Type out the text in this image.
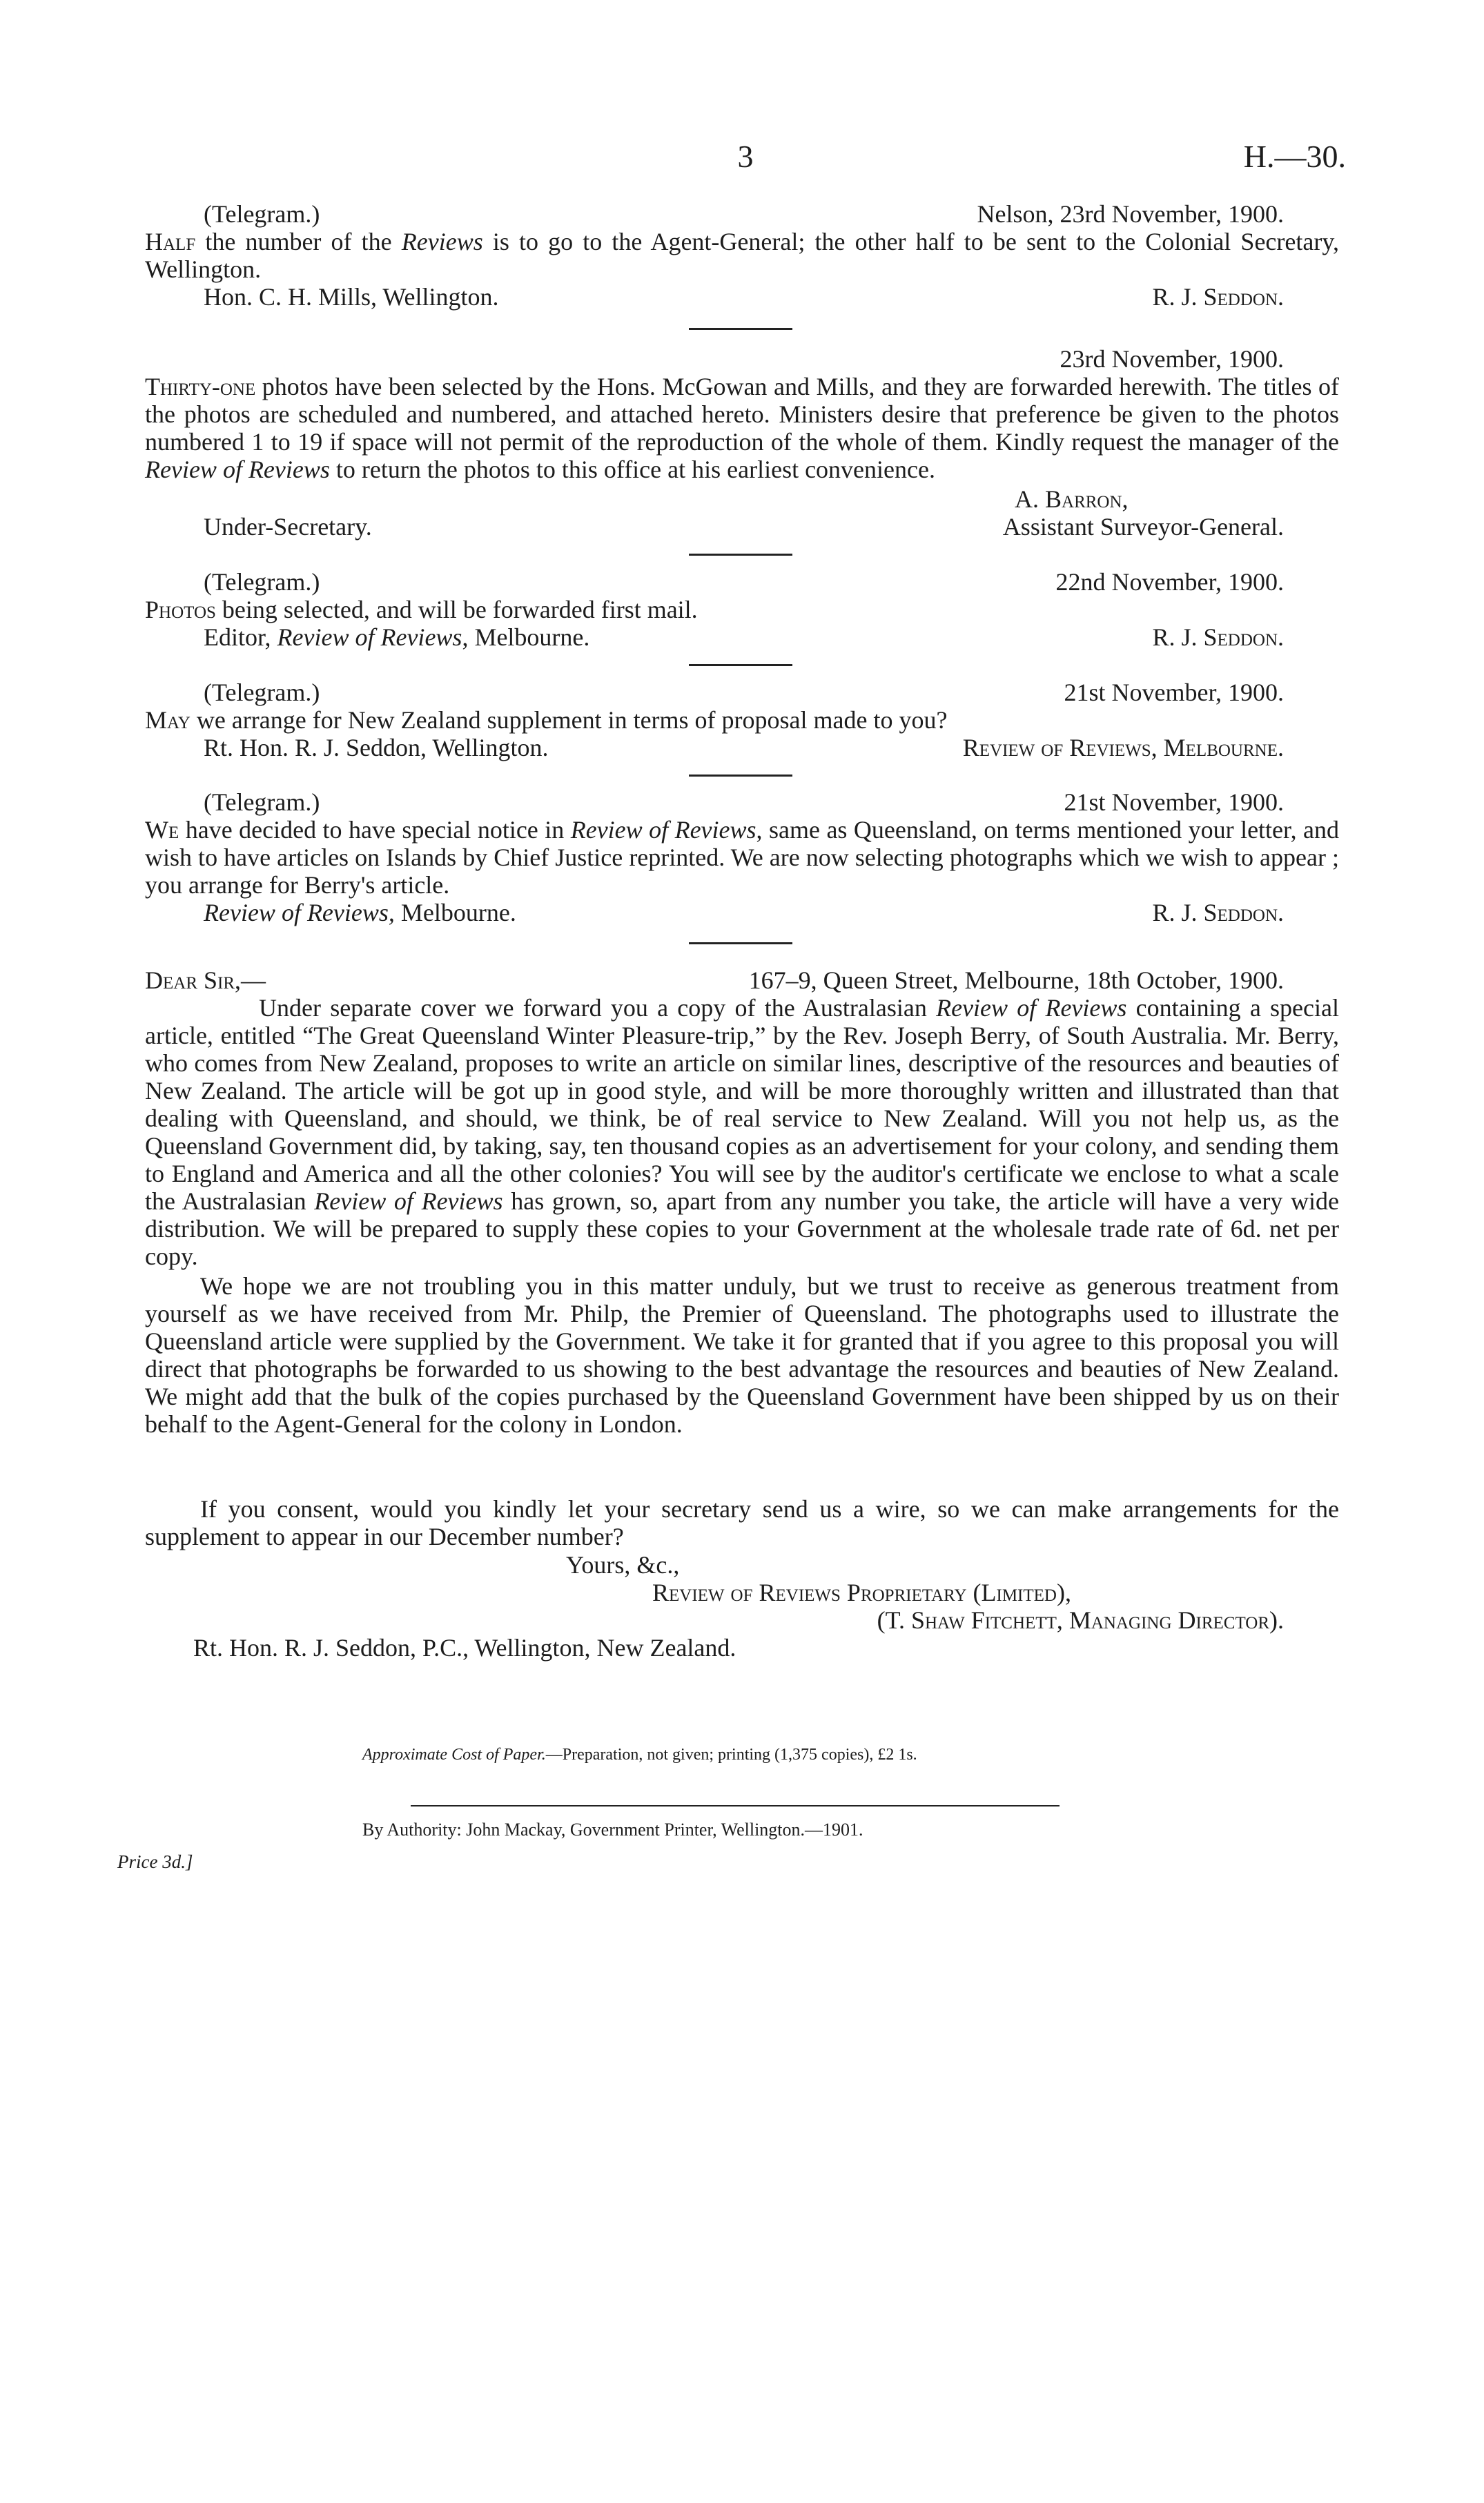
3	H.—30.
(Telegram.)	Nelson, 23rd November, 1900.
Half the number of the Reviews is to go to the Agent-General; the other half to be sent to the Colonial Secretary, Wellington.
Hon. C. H. Mills, Wellington.	R. J. Seddon.
23rd November, 1900.
Thirty-one photos have been selected by the Hons. McGowan and Mills, and they are forwarded herewith. The titles of the photos are scheduled and numbered, and attached hereto. Ministers desire that preference be given to the photos numbered 1 to 19 if space will not permit of the reproduction of the whole of them. Kindly request the manager of the Review of Reviews to return the photos to this office at his earliest convenience.
A. Barron,
Under-Secretary.	Assistant Surveyor-General.
(Telegram.)	22nd November, 1900.
Photos being selected, and will be forwarded first mail.
Editor, Review of Reviews, Melbourne.	R. J. Seddon.
(Telegram.)	21st November, 1900.
May we arrange for New Zealand supplement in terms of proposal made to you?
Rt. Hon. R. J. Seddon, Wellington.	Review of Reviews, Melbourne.
(Telegram.)	21st November, 1900.
We have decided to have special notice in Review of Reviews, same as Queensland, on terms mentioned your letter, and wish to have articles on Islands by Chief Justice reprinted. We are now selecting photographs which we wish to appear ; you arrange for Berry's article.
Review of Reviews, Melbourne.	R. J. Seddon.
Dear Sir,—	167–9, Queen Street, Melbourne, 18th October, 1900.
Under separate cover we forward you a copy of the Australasian Review of Reviews containing a special article, entitled “The Great Queensland Winter Pleasure-trip,” by the Rev. Joseph Berry, of South Australia. Mr. Berry, who comes from New Zealand, proposes to write an article on similar lines, descriptive of the resources and beauties of New Zealand. The article will be got up in good style, and will be more thoroughly written and illustrated than that dealing with Queensland, and should, we think, be of real service to New Zealand. Will you not help us, as the Queensland Government did, by taking, say, ten thousand copies as an advertisement for your colony, and sending them to England and America and all the other colonies? You will see by the auditor's certificate we enclose to what a scale the Australasian Review of Reviews has grown, so, apart from any number you take, the article will have a very wide distribution. We will be prepared to supply these copies to your Government at the wholesale trade rate of 6d. net per copy.
We hope we are not troubling you in this matter unduly, but we trust to receive as generous treatment from yourself as we have received from Mr. Philp, the Premier of Queensland. The photographs used to illustrate the Queensland article were supplied by the Government. We take it for granted that if you agree to this proposal you will direct that photographs be forwarded to us showing to the best advantage the resources and beauties of New Zealand. We might add that the bulk of the copies purchased by the Queensland Government have been shipped by us on their behalf to the Agent-General for the colony in London.
If you consent, would you kindly let your secretary send us a wire, so we can make arrangements for the supplement to appear in our December number?
Yours, &c.,
Review of Reviews Proprietary (Limited),
(T. Shaw Fitchett, Managing Director).
Rt. Hon. R. J. Seddon, P.C., Wellington, New Zealand.
Approximate Cost of Paper.—Preparation, not given; printing (1,375 copies), £2 1s.
By Authority: John Mackay, Government Printer, Wellington.—1901.
Price 3d.]
